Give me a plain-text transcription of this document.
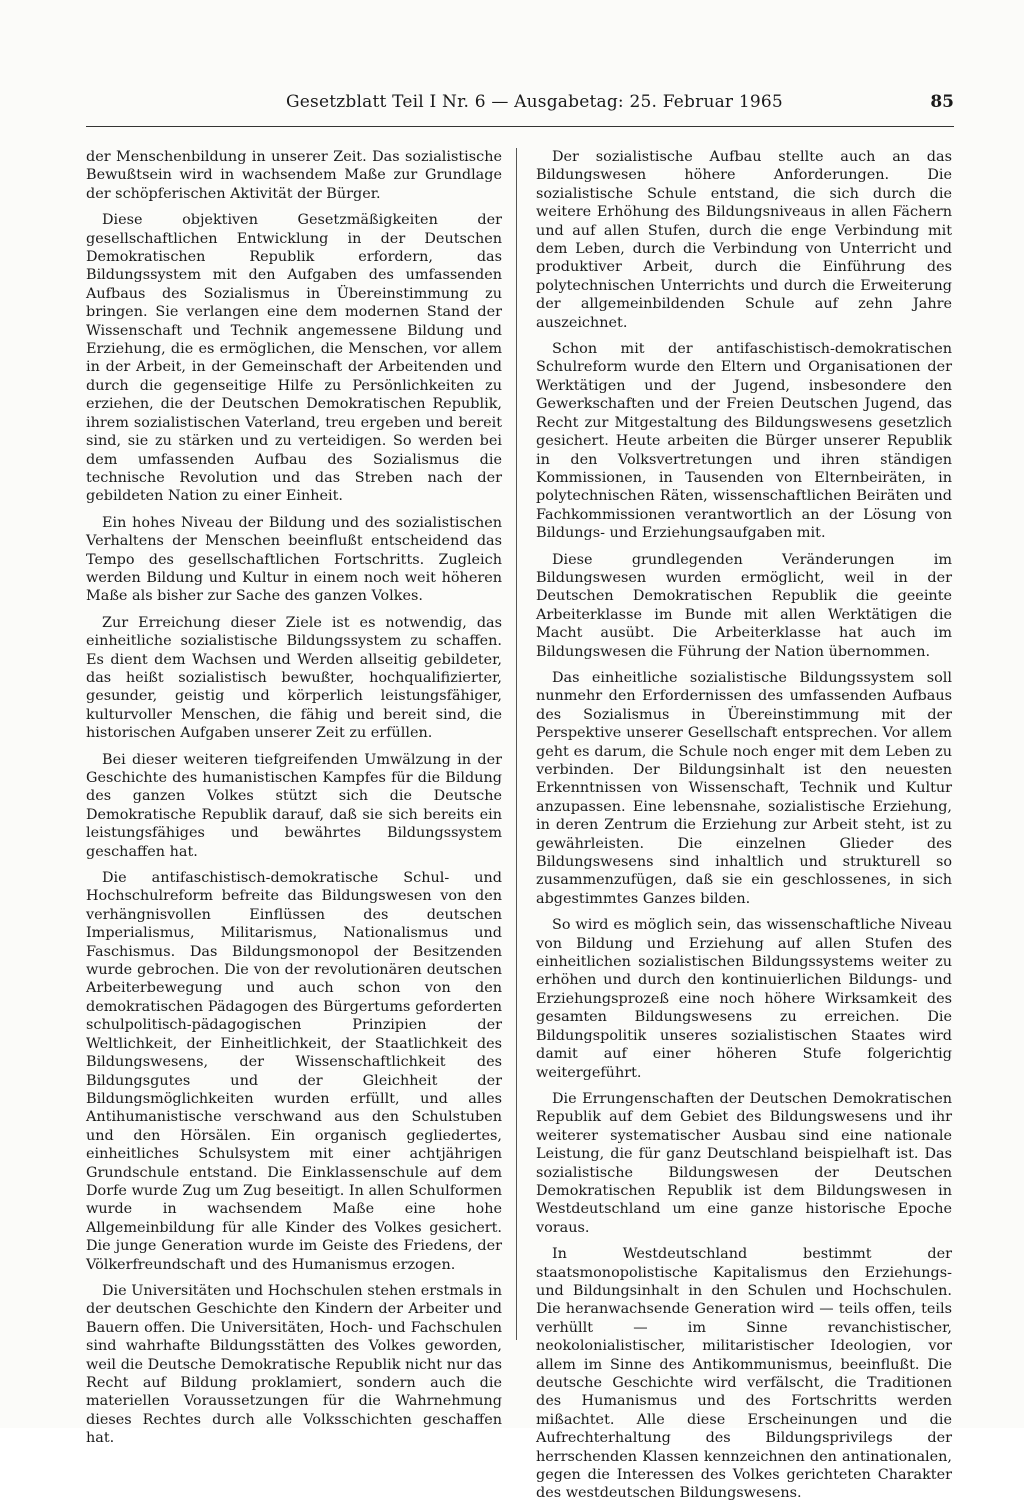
Gesetzblatt Teil I Nr. 6 — Ausgabetag: 25. Februar 1965	85

der Menschenbildung in unserer Zeit. Das sozialistische Bewußtsein wird in wachsendem Maße zur Grundlage der schöpferischen Aktivität der Bürger.

Diese objektiven Gesetzmäßigkeiten der gesellschaftlichen Entwicklung in der Deutschen Demokratischen Republik erfordern, das Bildungssystem mit den Aufgaben des umfassenden Aufbaus des Sozialismus in Übereinstimmung zu bringen. Sie verlangen eine dem modernen Stand der Wissenschaft und Technik angemessene Bildung und Erziehung, die es ermöglichen, die Menschen, vor allem in der Arbeit, in der Gemeinschaft der Arbeitenden und durch die gegenseitige Hilfe zu Persönlichkeiten zu erziehen, die der Deutschen Demokratischen Republik, ihrem sozialistischen Vaterland, treu ergeben und bereit sind, sie zu stärken und zu verteidigen. So werden bei dem umfassenden Aufbau des Sozialismus die technische Revolution und das Streben nach der gebildeten Nation zu einer Einheit.

Ein hohes Niveau der Bildung und des sozialistischen Verhaltens der Menschen beeinflußt entscheidend das Tempo des gesellschaftlichen Fortschritts. Zugleich werden Bildung und Kultur in einem noch weit höheren Maße als bisher zur Sache des ganzen Volkes.

Zur Erreichung dieser Ziele ist es notwendig, das einheitliche sozialistische Bildungssystem zu schaffen. Es dient dem Wachsen und Werden allseitig gebildeter, das heißt sozialistisch bewußter, hochqualifizierter, gesunder, geistig und körperlich leistungsfähiger, kulturvoller Menschen, die fähig und bereit sind, die historischen Aufgaben unserer Zeit zu erfüllen.

Bei dieser weiteren tiefgreifenden Umwälzung in der Geschichte des humanistischen Kampfes für die Bildung des ganzen Volkes stützt sich die Deutsche Demokratische Republik darauf, daß sie sich bereits ein leistungsfähiges und bewährtes Bildungssystem geschaffen hat.

Die antifaschistisch-demokratische Schul- und Hochschulreform befreite das Bildungswesen von den verhängnisvollen Einflüssen des deutschen Imperialismus, Militarismus, Nationalismus und Faschismus. Das Bildungsmonopol der Besitzenden wurde gebrochen. Die von der revolutionären deutschen Arbeiterbewegung und auch schon von den demokratischen Pädagogen des Bürgertums geforderten schulpolitisch-pädagogischen Prinzipien der Weltlichkeit, der Einheitlichkeit, der Staatlichkeit des Bildungswesens, der Wissenschaftlichkeit des Bildungsgutes und der Gleichheit der Bildungsmöglichkeiten wurden erfüllt, und alles Antihumanistische verschwand aus den Schulstuben und den Hörsälen. Ein organisch gegliedertes, einheitliches Schulsystem mit einer achtjährigen Grundschule entstand. Die Einklassenschule auf dem Dorfe wurde Zug um Zug beseitigt. In allen Schulformen wurde in wachsendem Maße eine hohe Allgemeinbildung für alle Kinder des Volkes gesichert. Die junge Generation wurde im Geiste des Friedens, der Völkerfreundschaft und des Humanismus erzogen.

Die Universitäten und Hochschulen stehen erstmals in der deutschen Geschichte den Kindern der Arbeiter und Bauern offen. Die Universitäten, Hoch- und Fachschulen sind wahrhafte Bildungsstätten des Volkes geworden, weil die Deutsche Demokratische Republik nicht nur das Recht auf Bildung proklamiert, sondern auch die materiellen Voraussetzungen für die Wahrnehmung dieses Rechtes durch alle Volksschichten geschaffen hat.

Der sozialistische Aufbau stellte auch an das Bildungswesen höhere Anforderungen. Die sozialistische Schule entstand, die sich durch die weitere Erhöhung des Bildungsniveaus in allen Fächern und auf allen Stufen, durch die enge Verbindung mit dem Leben, durch die Verbindung von Unterricht und produktiver Arbeit, durch die Einführung des polytechnischen Unterrichts und durch die Erweiterung der allgemeinbildenden Schule auf zehn Jahre auszeichnet.

Schon mit der antifaschistisch-demokratischen Schulreform wurde den Eltern und Organisationen der Werktätigen und der Jugend, insbesondere den Gewerkschaften und der Freien Deutschen Jugend, das Recht zur Mitgestaltung des Bildungswesens gesetzlich gesichert. Heute arbeiten die Bürger unserer Republik in den Volksvertretungen und ihren ständigen Kommissionen, in Tausenden von Elternbeiräten, in polytechnischen Räten, wissenschaftlichen Beiräten und Fachkommissionen verantwortlich an der Lösung von Bildungs- und Erziehungsaufgaben mit.

Diese grundlegenden Veränderungen im Bildungswesen wurden ermöglicht, weil in der Deutschen Demokratischen Republik die geeinte Arbeiterklasse im Bunde mit allen Werktätigen die Macht ausübt. Die Arbeiterklasse hat auch im Bildungswesen die Führung der Nation übernommen.

Das einheitliche sozialistische Bildungssystem soll nunmehr den Erfordernissen des umfassenden Aufbaus des Sozialismus in Übereinstimmung mit der Perspektive unserer Gesellschaft entsprechen. Vor allem geht es darum, die Schule noch enger mit dem Leben zu verbinden. Der Bildungsinhalt ist den neuesten Erkenntnissen von Wissenschaft, Technik und Kultur anzupassen. Eine lebensnahe, sozialistische Erziehung, in deren Zentrum die Erziehung zur Arbeit steht, ist zu gewährleisten. Die einzelnen Glieder des Bildungswesens sind inhaltlich und strukturell so zusammenzufügen, daß sie ein geschlossenes, in sich abgestimmtes Ganzes bilden.

So wird es möglich sein, das wissenschaftliche Niveau von Bildung und Erziehung auf allen Stufen des einheitlichen sozialistischen Bildungssystems weiter zu erhöhen und durch den kontinuierlichen Bildungs- und Erziehungsprozeß eine noch höhere Wirksamkeit des gesamten Bildungswesens zu erreichen. Die Bildungspolitik unseres sozialistischen Staates wird damit auf einer höheren Stufe folgerichtig weitergeführt.

Die Errungenschaften der Deutschen Demokratischen Republik auf dem Gebiet des Bildungswesens und ihr weiterer systematischer Ausbau sind eine nationale Leistung, die für ganz Deutschland beispielhaft ist. Das sozialistische Bildungswesen der Deutschen Demokratischen Republik ist dem Bildungswesen in Westdeutschland um eine ganze historische Epoche voraus.

In Westdeutschland bestimmt der staatsmonopolistische Kapitalismus den Erziehungs- und Bildungsinhalt in den Schulen und Hochschulen. Die heranwachsende Generation wird — teils offen, teils verhüllt — im Sinne revanchistischer, neokolonialistischer, militaristischer Ideologien, vor allem im Sinne des Antikommunismus, beeinflußt. Die deutsche Geschichte wird verfälscht, die Traditionen des Humanismus und des Fortschritts werden mißachtet. Alle diese Erscheinungen und die Aufrechterhaltung des Bildungsprivilegs der herrschenden Klassen kennzeichnen den antinationalen, gegen die Interessen des Volkes gerichteten Charakter des westdeutschen Bildungswesens.
